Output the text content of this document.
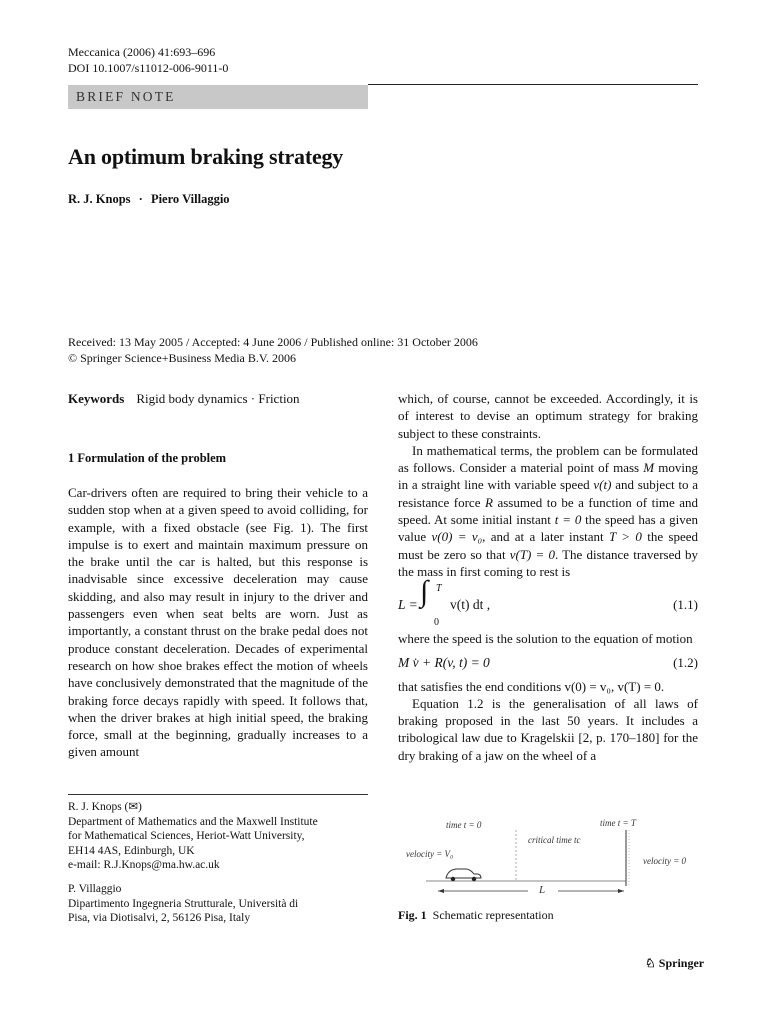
Meccanica (2006) 41:693–696
DOI 10.1007/s11012-006-9011-0
BRIEF NOTE
An optimum braking strategy
R. J. Knops · Piero Villaggio
Received: 13 May 2005 / Accepted: 4 June 2006 / Published online: 31 October 2006
© Springer Science+Business Media B.V. 2006
Keywords Rigid body dynamics · Friction
1 Formulation of the problem

Car-drivers often are required to bring their vehicle to a sudden stop when at a given speed to avoid colliding, for example, with a fixed obstacle (see Fig. 1). The first impulse is to exert and maintain maximum pressure on the brake until the car is halted, but this response is inadvisable since excessive deceleration may cause skidding, and also may result in injury to the driver and passengers even when seat belts are worn. Just as importantly, a constant thrust on the brake pedal does not produce constant deceleration. Decades of experimental research on how shoe brakes effect the motion of wheels have conclusively demonstrated that the magnitude of the braking force decays rapidly with speed. It follows that, when the driver brakes at high initial speed, the braking force, small at the beginning, gradually increases to a given amount

which, of course, cannot be exceeded. Accordingly, it is of interest to devise an optimum strategy for braking subject to these constraints.

In mathematical terms, the problem can be formulated as follows. Consider a material point of mass M moving in a straight line with variable speed v(t) and subject to a resistance force R assumed to be a function of time and speed. At some initial instant t = 0 the speed has a given value v(0) = v₀, and at a later instant T > 0 the speed must be zero so that v(T) = 0. The distance traversed by the mass in first coming to rest is

L = ∫ T
0
v(t) dt ,	(1.1)

where the speed is the solution to the equation of motion

M v̇ + R(v, t) = 0	(1.2)

that satisfies the end conditions v(0) = v₀, v(T) = 0.

Equation 1.2 is the generalisation of all laws of braking proposed in the last 50 years. It includes a tribological law due to Kragelskii [2, p. 170–180] for the dry braking of a jaw on the wheel of a

R. J. Knops (✉)
Department of Mathematics and the Maxwell Institute
for Mathematical Sciences, Heriot-Watt University,
EH14 4AS, Edinburgh, UK
e-mail: R.J.Knops@ma.hw.ac.uk
P. Villaggio
Dipartimento Ingegneria Strutturale, Università di
Pisa, via Diotisalvi, 2, 56126 Pisa, Italy
time t = 0	time t = T
critical time tc
velocity = V₀
velocity = 0
L
Fig. 1 Schematic representation
♘ Springer
